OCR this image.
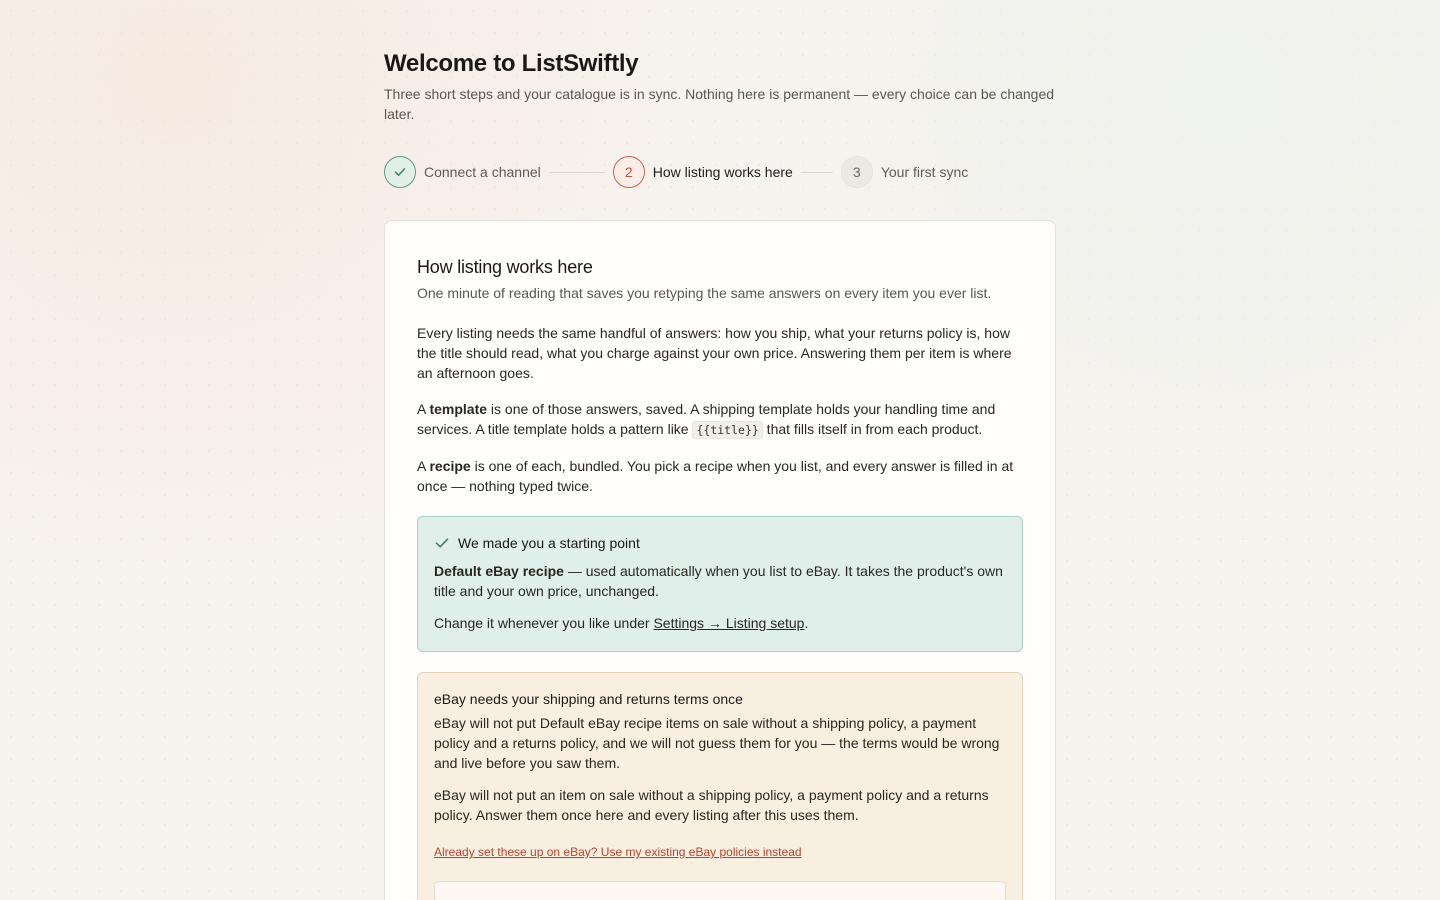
Welcome to ListSwiftly

Three short steps and your catalogue is in sync. Nothing here is permanent — every choice can be changed later.

Connect a channel	2	How listing works here	3	Your first sync
How listing works here

One minute of reading that saves you retyping the same answers on every item you ever list.

Every listing needs the same handful of answers: how you ship, what your returns policy is, how the title should read, what you charge against your own price. Answering them per item is where an afternoon goes.

A template is one of those answers, saved. A shipping template holds your handling time and services. A title template holds a pattern like {{title}} that fills itself in from each product.

A recipe is one of each, bundled. You pick a recipe when you list, and every answer is filled in at once — nothing typed twice.

We made you a starting point

Default eBay recipe — used automatically when you list to eBay. It takes the product's own title and your own price, unchanged.

Change it whenever you like under Settings → Listing setup.

eBay needs your shipping and returns terms once

eBay will not put Default eBay recipe items on sale without a shipping policy, a payment policy and a returns policy, and we will not guess them for you — the terms would be wrong and live before you saw them.

eBay will not put an item on sale without a shipping policy, a payment policy and a returns policy. Answer them once here and every listing after this uses them.

Already set these up on eBay? Use my existing eBay policies instead
